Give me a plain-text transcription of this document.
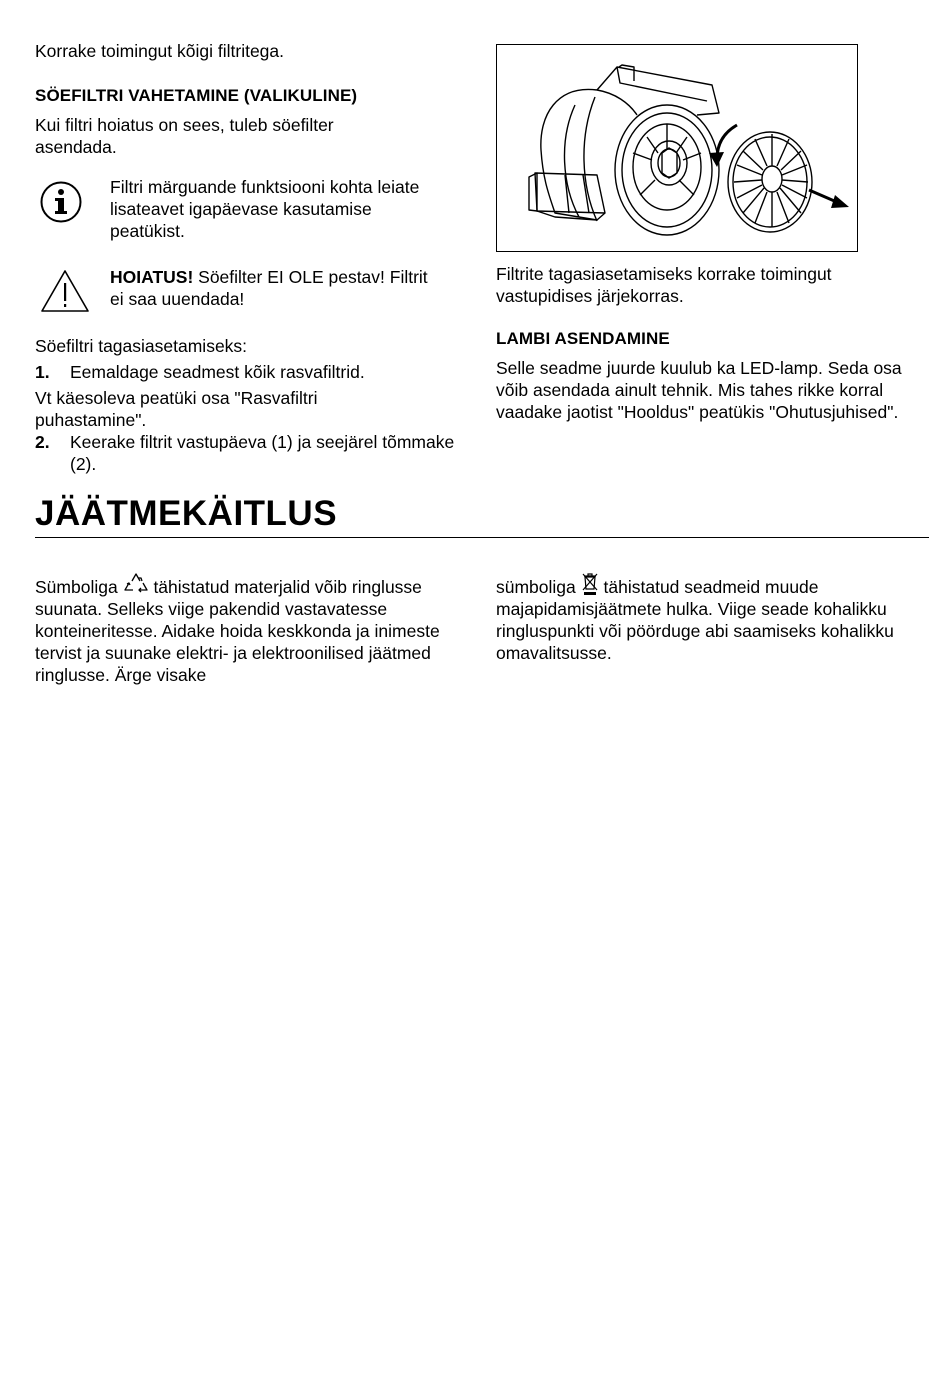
Korrake toimingut kõigi filtritega.

SÖEFILTRI VAHETAMINE (VALIKULINE)

Kui filtri hoiatus on sees, tuleb söefilter asendada.

Filtri märguande funktsiooni kohta leiate lisateavet igapäevase kasutamise peatükist.

HOIATUS! Söefilter EI OLE pestav! Filtrit ei saa uuendada!

Söefiltri tagasiasetamiseks:

1. Eemaldage seadmest kõik rasvafiltrid.

Vt käesoleva peatüki osa "Rasvafiltri puhastamine".

2. Keerake filtrit vastupäeva (1) ja seejärel tõmmake (2).

Filtrite tagasiasetamiseks korrake toimingut vastupidises järjekorras.

LAMBI ASENDAMINE

Selle seadme juurde kuulub ka LED-lamp. Seda osa võib asendada ainult tehnik. Mis tahes rikke korral vaadake jaotist "Hooldus" peatükis "Ohutusjuhised".

JÄÄTMEKÄITLUS

Sümboliga  tähistatud materjalid võib ringlusse suunata. Selleks viige pakendid vastavatesse konteineritesse. Aidake hoida keskkonda ja inimeste tervist ja suunake elektri- ja elektroonilised jäätmed ringlusse. Ärge visake

sümboliga  tähistatud seadmeid muude majapidamisjäätmete hulka. Viige seade kohalikku ringluspunkti või pöörduge abi saamiseks kohalikku omavalitsusse.
